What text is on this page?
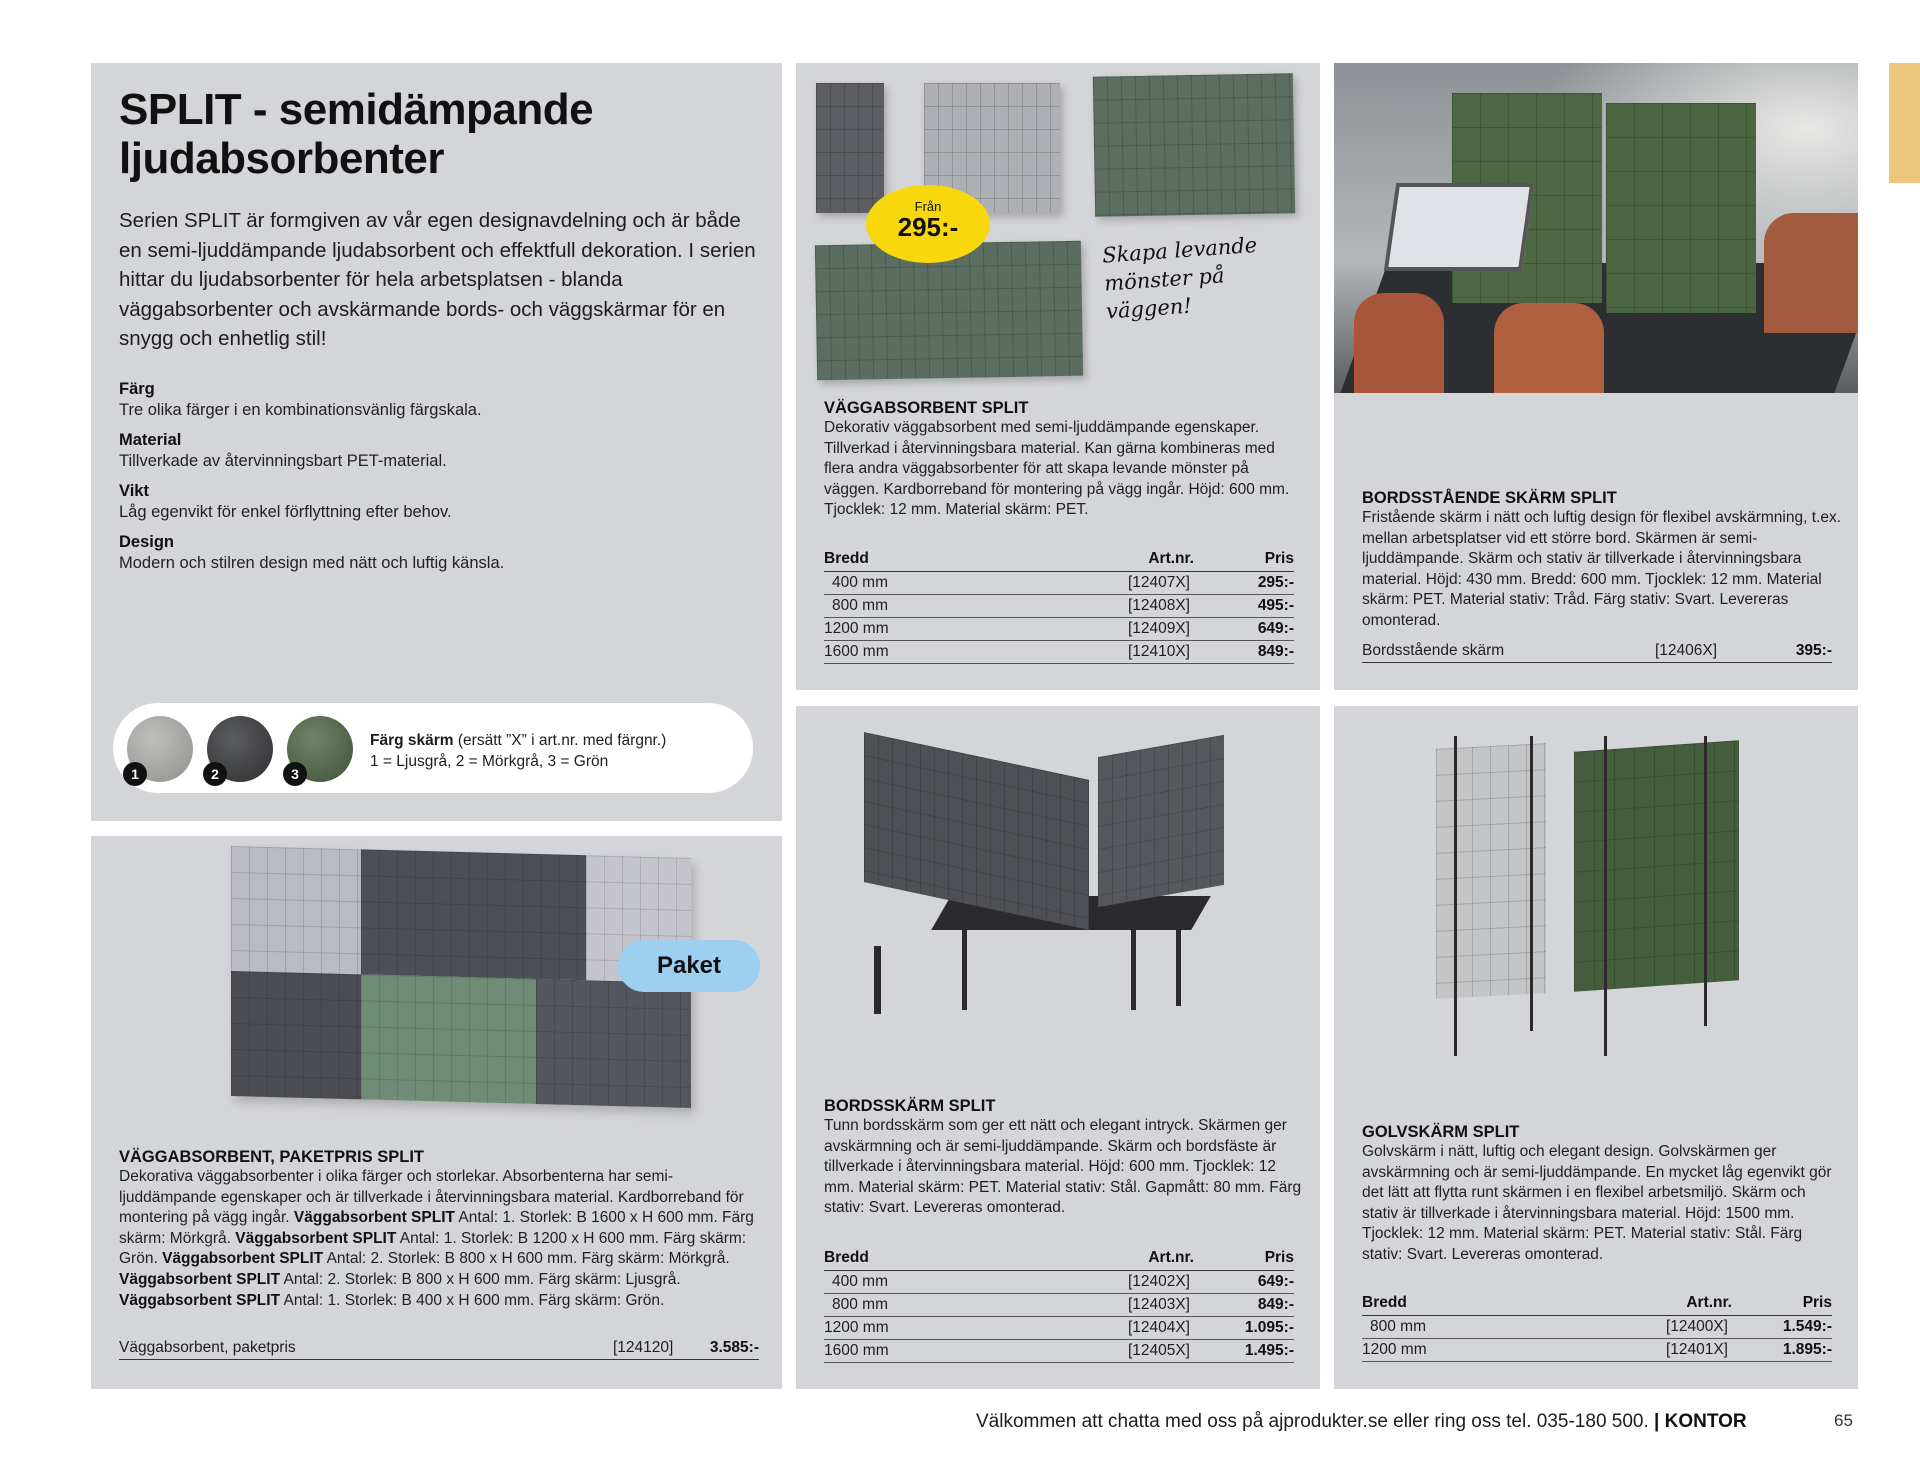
SPLIT - semidämpande
ljudabsorbenter
Serien SPLIT är formgiven av vår egen designavdelning och är både en semi-ljuddämpande ljudabsorbent och effektfull dekoration. I serien hittar du ljudabsorbenter för hela arbetsplatsen - blanda väggabsorbenter och avskärmande bords- och väggskärmar för en snygg och enhetlig stil!
Färg
Tre olika färger i en kombinationsvänlig färgskala.
Material
Tillverkade av återvinningsbart PET-material.
Vikt
Låg egenvikt för enkel förflyttning efter behov.
Design
Modern och stilren design med nätt och luftig känsla.
1	2	3
Färg skärm (ersätt ”X” i art.nr. med färgnr.)
1 = Ljusgrå, 2 = Mörkgrå, 3 = Grön
Paket
VÄGGABSORBENT, PAKETPRIS SPLIT
Dekorativa väggabsorbenter i olika färger och storlekar. Absorbenterna har semi-ljuddämpande egenskaper och är tillverkade i återvinningsbara material. Kardborreband för montering på vägg ingår. Väggabsorbent SPLIT Antal: 1. Storlek: B 1600 x H 600 mm. Färg skärm: Mörkgrå. Väggabsorbent SPLIT Antal: 1. Storlek: B 1200 x H 600 mm. Färg skärm: Grön. Väggabsorbent SPLIT Antal: 2. Storlek: B 800 x H 600 mm. Färg skärm: Mörkgrå. Väggabsorbent SPLIT Antal: 2. Storlek: B 800 x H 600 mm. Färg skärm: Ljusgrå. Väggabsorbent SPLIT Antal: 1. Storlek: B 400 x H 600 mm. Färg skärm: Grön.
Väggabsorbent, paketpris	[124120] 3.585:-
Från
295:-
Skapa levande
mönster på väggen!
VÄGGABSORBENT SPLIT
Dekorativ väggabsorbent med semi-ljuddämpande egenskaper. Tillverkad i återvinningsbara material. Kan gärna kombineras med flera andra väggabsorbenter för att skapa levande mönster på väggen. Kardborreband för montering på vägg ingår. Höjd: 600 mm. Tjocklek: 12 mm. Material skärm: PET.
Bredd	Art.nr.	Pris
400 mm	[12407X]	295:-
800 mm	[12408X]	495:-
1200 mm	[12409X]	649:-
1600 mm	[12410X]	849:-
BORDSSTÅENDE SKÄRM SPLIT
Fristående skärm i nätt och luftig design för flexibel avskärmning, t.ex. mellan arbetsplatser vid ett större bord. Skärmen är semi-ljuddämpande. Skärm och stativ är tillverkade i återvinningsbara material. Höjd: 430 mm. Bredd: 600 mm. Tjocklek: 12 mm. Material skärm: PET. Material stativ: Tråd. Färg stativ: Svart. Levereras omonterad.
Bordsstående skärm	[12406X]	395:-
BORDSSKÄRM SPLIT
Tunn bordsskärm som ger ett nätt och elegant intryck. Skärmen ger avskärmning och är semi-ljuddämpande. Skärm och bordsfäste är tillverkade i återvinningsbara material. Höjd: 600 mm. Tjocklek: 12 mm. Material skärm: PET. Material stativ: Stål. Gapmått: 80 mm. Färg stativ: Svart. Levereras omonterad.
Bredd	Art.nr.	Pris
400 mm	[12402X]	649:-
800 mm	[12403X]	849:-
1200 mm	[12404X]	1.095:-
1600 mm	[12405X]	1.495:-
GOLVSKÄRM SPLIT
Golvskärm i nätt, luftig och elegant design. Golvskärmen ger avskärmning och är semi-ljuddämpande. En mycket låg egenvikt gör det lätt att flytta runt skärmen i en flexibel arbetsmiljö. Skärm och stativ är tillverkade i återvinningsbara material. Höjd: 1500 mm. Tjocklek: 12 mm. Material skärm: PET. Material stativ: Stål. Färg stativ: Svart. Levereras omonterad.
Bredd	Art.nr.	Pris
800 mm	[12400X]	1.549:-
1200 mm	[12401X]	1.895:-
Välkommen att chatta med oss på ajprodukter.se eller ring oss tel. 035-180 500. | KONTOR	65
